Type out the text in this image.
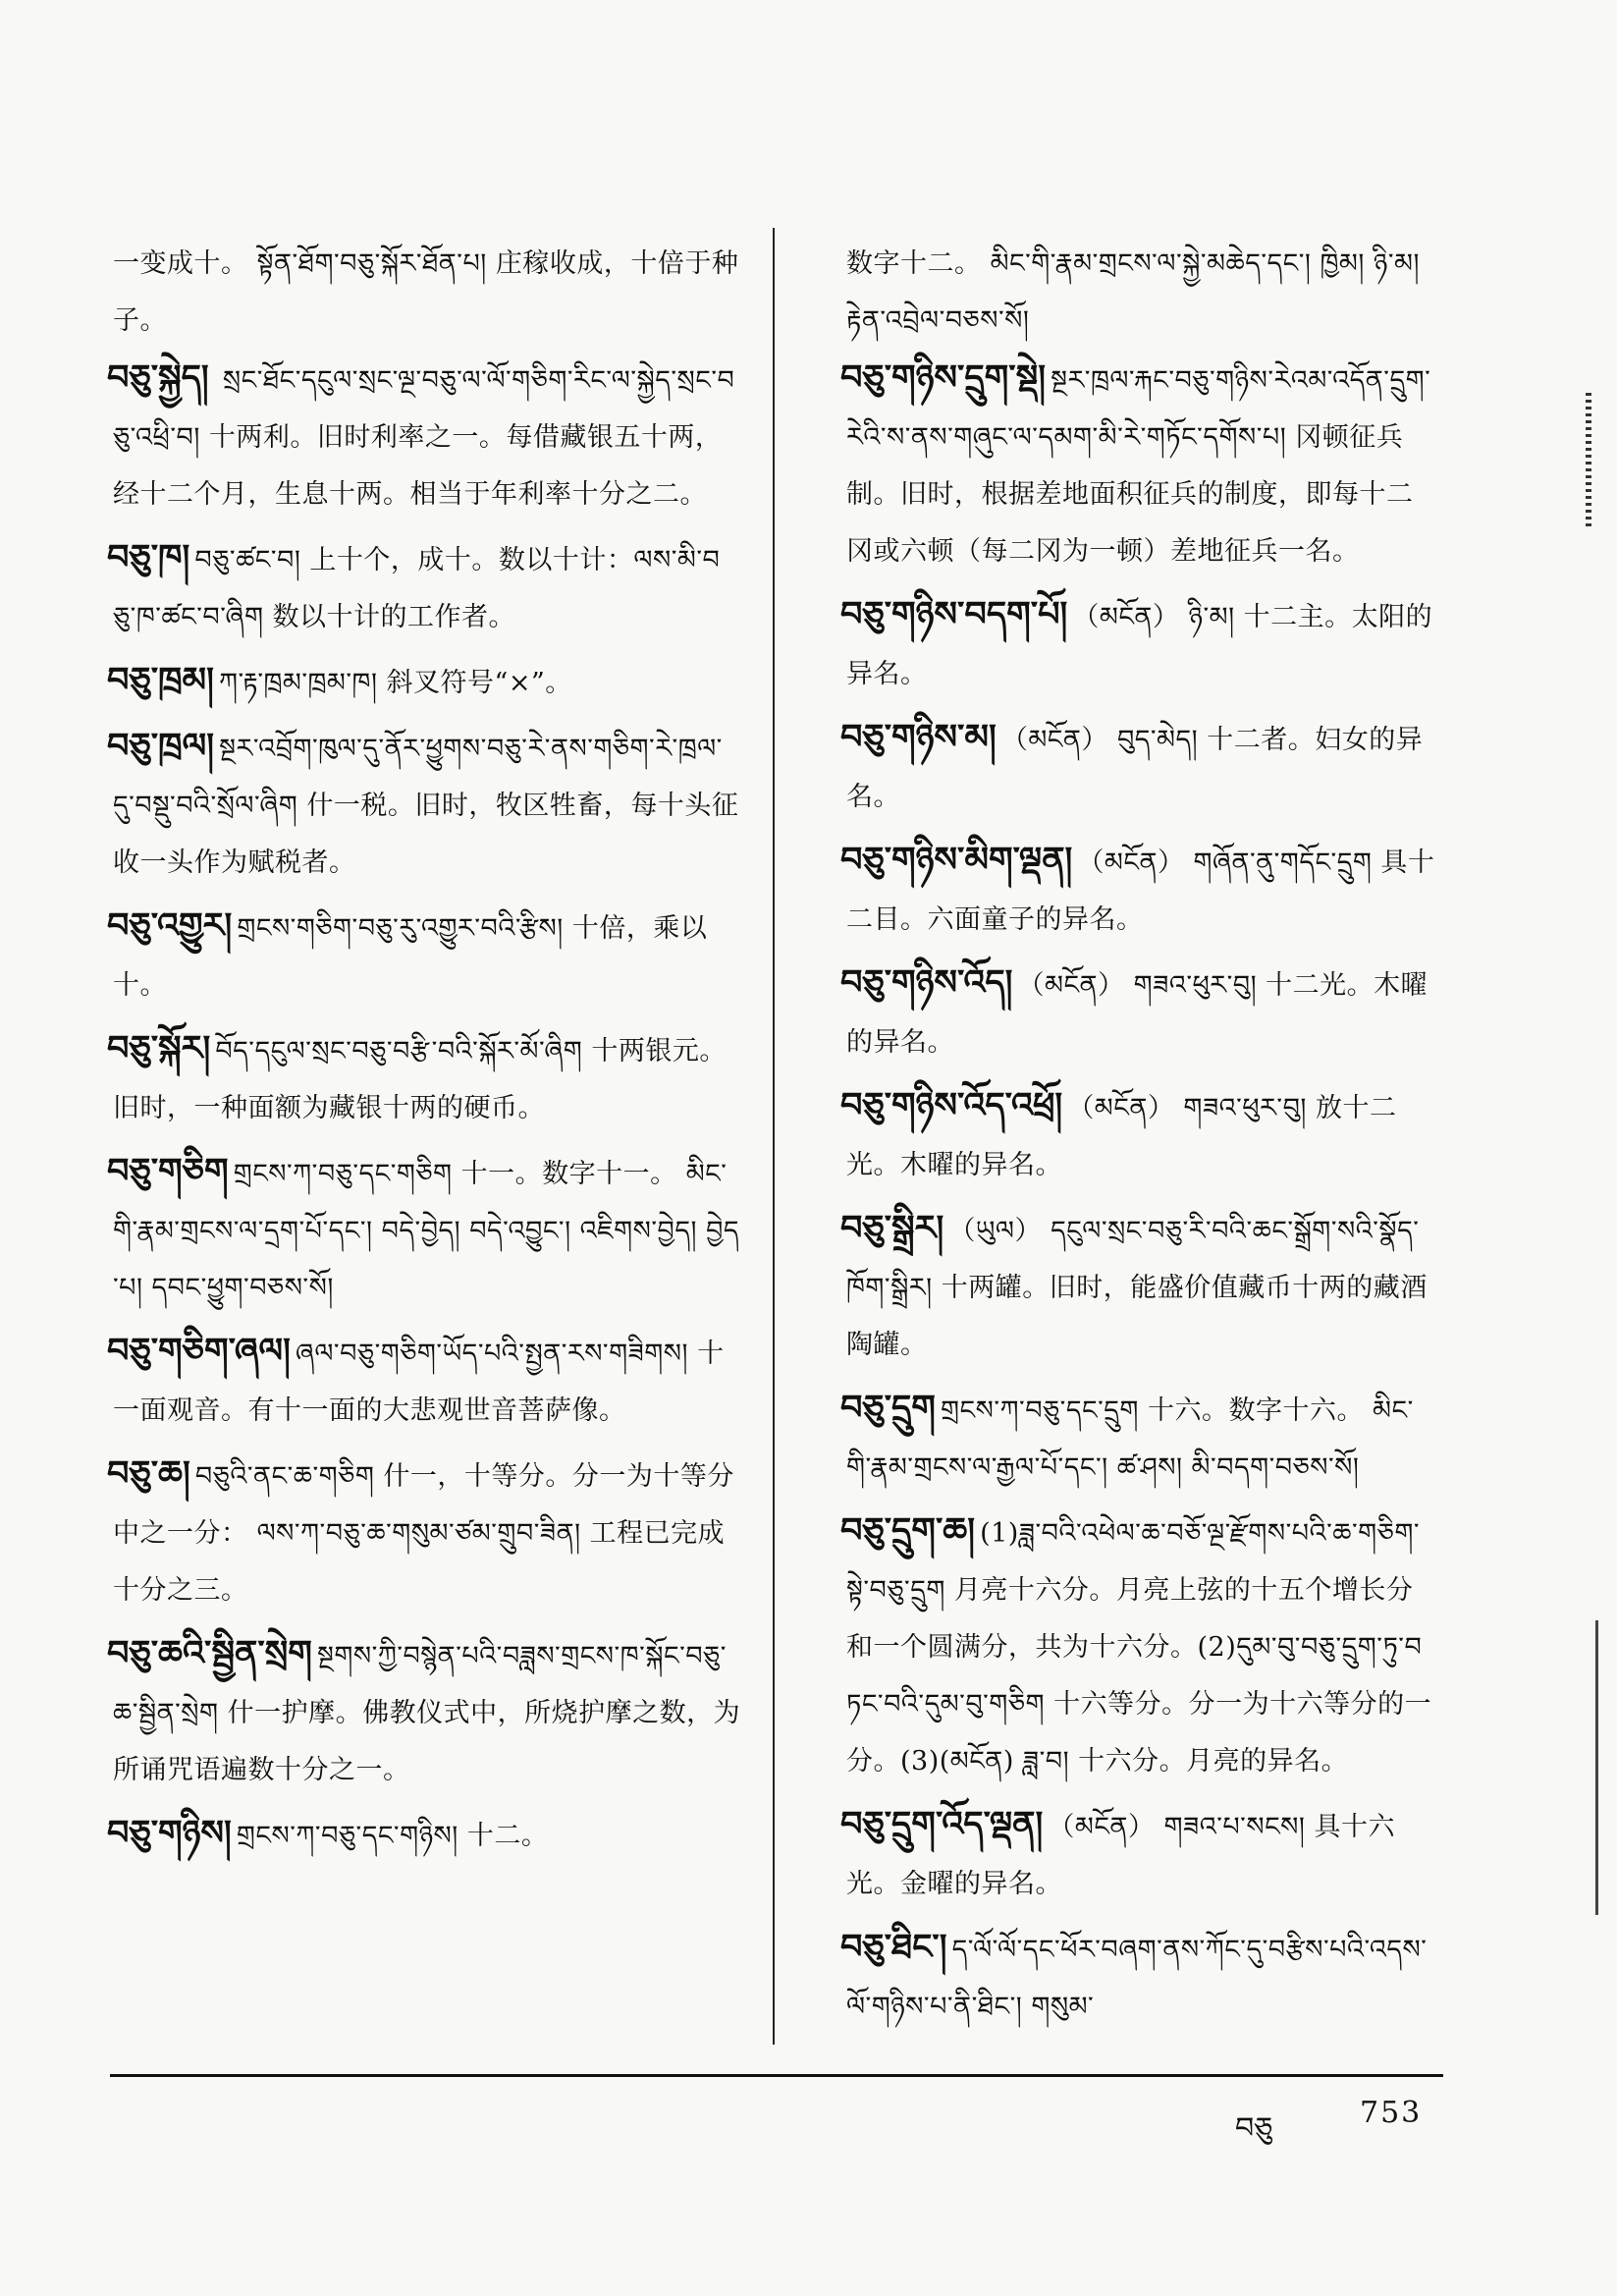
一变成十。 སྟོན་ཐོག་བཅུ་སྐོར་ཐོན་པ། 庄稼收成，十倍于种子。
བཅུ་སྐྱེད།  སྲང་ཐོང་དངུལ་སྲང་ལྔ་བཅུ་ལ་ལོ་གཅིག་རིང་ལ་སྐྱེད་སྲང་བཅུ་འཕྲི་བ། 十两利。旧时利率之一。每借藏银五十两，经十二个月，生息十两。相当于年利率十分之二。
བཅུ་ཁ། བཅུ་ཚང་བ། 上十个，成十。数以十计：ལས་མི་བཅུ་ཁ་ཚང་བ་ཞིག 数以十计的工作者。
བཅུ་ཁྲམ། ཀ་རྟ་ཁྲམ་ཁྲམ་ཁ། 斜叉符号“×”。
བཅུ་ཁྲལ། སྔར་འབྲོག་ཁུལ་དུ་ནོར་ཕྱུགས་བཅུ་རེ་ནས་གཅིག་རེ་ཁྲལ་དུ་བསྡུ་བའི་སྲོལ་ཞིག 什一税。旧时，牧区牲畜，每十头征收一头作为赋税者。
བཅུ་འགྱུར། གྲངས་གཅིག་བཅུ་རུ་འགྱུར་བའི་རྩིས། 十倍，乘以十。
བཅུ་སྐོར། བོད་དངུལ་སྲང་བཅུ་བརྩི་བའི་སྐོར་མོ་ཞིག 十两银元。旧时，一种面额为藏银十两的硬币。
བཅུ་གཅིག གྲངས་ཀ་བཅུ་དང་གཅིག 十一。数字十一。 མིང་གི་རྣམ་གྲངས་ལ་དྲག་པོ་དང་། བདེ་བྱེད། བདེ་འབྱུང་། འཇིགས་བྱེད། བྱེད་པ། དབང་ཕྱུག་བཅས་སོ།
བཅུ་གཅིག་ཞལ། ཞལ་བཅུ་གཅིག་ཡོད་པའི་སྤྱན་རས་གཟིགས། 十一面观音。有十一面的大悲观世音菩萨像。
བཅུ་ཆ། བཅུའི་ནང་ཆ་གཅིག 什一，十等分。分一为十等分中之一分： ལས་ཀ་བཅུ་ཆ་གསུམ་ཙམ་གྲུབ་ཟིན། 工程已完成十分之三。
བཅུ་ཆའི་སྦྱིན་སྲེག སྔགས་ཀྱི་བསྙེན་པའི་བཟླས་གྲངས་ཁ་སྐོང་བཅུ་ཆ་སྦྱིན་སྲེག 什一护摩。佛教仪式中，所烧护摩之数，为所诵咒语遍数十分之一。
བཅུ་གཉིས། གྲངས་ཀ་བཅུ་དང་གཉིས། 十二。
数字十二。 མིང་གི་རྣམ་གྲངས་ལ་སྐྱེ་མཆེད་དང་། ཁྱིམ། ཉི་མ། རྟེན་འབྲེལ་བཅས་སོ།
བཅུ་གཉིས་དྲུག་སྡེ། སྔར་ཁྲལ་རྐང་བཅུ་གཉིས་རེའམ་འདོན་དྲུག་རེའི་ས་ནས་གཞུང་ལ་དམག་མི་རེ་གཏོང་དགོས་པ། 冈顿征兵制。旧时，根据差地面积征兵的制度，即每十二冈或六顿（每二冈为一顿）差地征兵一名。
བཅུ་གཉིས་བདག་པོ། （མངོན） ཉི་མ། 十二主。太阳的异名。
བཅུ་གཉིས་མ། （མངོན） བུད་མེད། 十二者。妇女的异名。
བཅུ་གཉིས་མིག་ལྡན། （མངོན） གཞོན་ནུ་གདོང་དྲུག 具十二目。六面童子的异名。
བཅུ་གཉིས་འོད། （མངོན） གཟའ་ཕུར་བུ། 十二光。木曜的异名。
བཅུ་གཉིས་འོད་འཕྲོ། （མངོན） གཟའ་ཕུར་བུ། 放十二光。木曜的异名。
བཅུ་སྒྲིར། （ཡུལ） དངུལ་སྲང་བཅུ་རི་བའི་ཆང་སྒྲོག་སའི་སྣོད་ཁོག་སྒྲིར། 十两罐。旧时，能盛价值藏币十两的藏酒陶罐。
བཅུ་དྲུག གྲངས་ཀ་བཅུ་དང་དྲུག 十六。数字十六。 མིང་གི་རྣམ་གྲངས་ལ་རྒྱལ་པོ་དང་། ཚ་ཤས། མི་བདག་བཅས་སོ།
བཅུ་དྲུག་ཆ། (1)ཟླ་བའི་འཕེལ་ཆ་བཅོ་ལྔ་རྫོགས་པའི་ཆ་གཅིག་སྟེ་བཅུ་དྲུག 月亮十六分。月亮上弦的十五个增长分和一个圆满分，共为十六分。(2)དུམ་བུ་བཅུ་དྲུག་ཏུ་བཏང་བའི་དུམ་བུ་གཅིག 十六等分。分一为十六等分的一分。(3)(མངོན) ཟླ་བ། 十六分。月亮的异名。
བཅུ་དྲུག་འོད་ལྡན། （མངོན） གཟའ་པ་སངས། 具十六光。金曜的异名。
བཅུ་ཐིང་། ད་ལོ་ལོ་དང་ཕོར་བཞག་ནས་ཀོང་དུ་བརྩིས་པའི་འདས་ལོ་གཉིས་པ་ནི་ཐིང་། གསུམ་
བཅུ	753
